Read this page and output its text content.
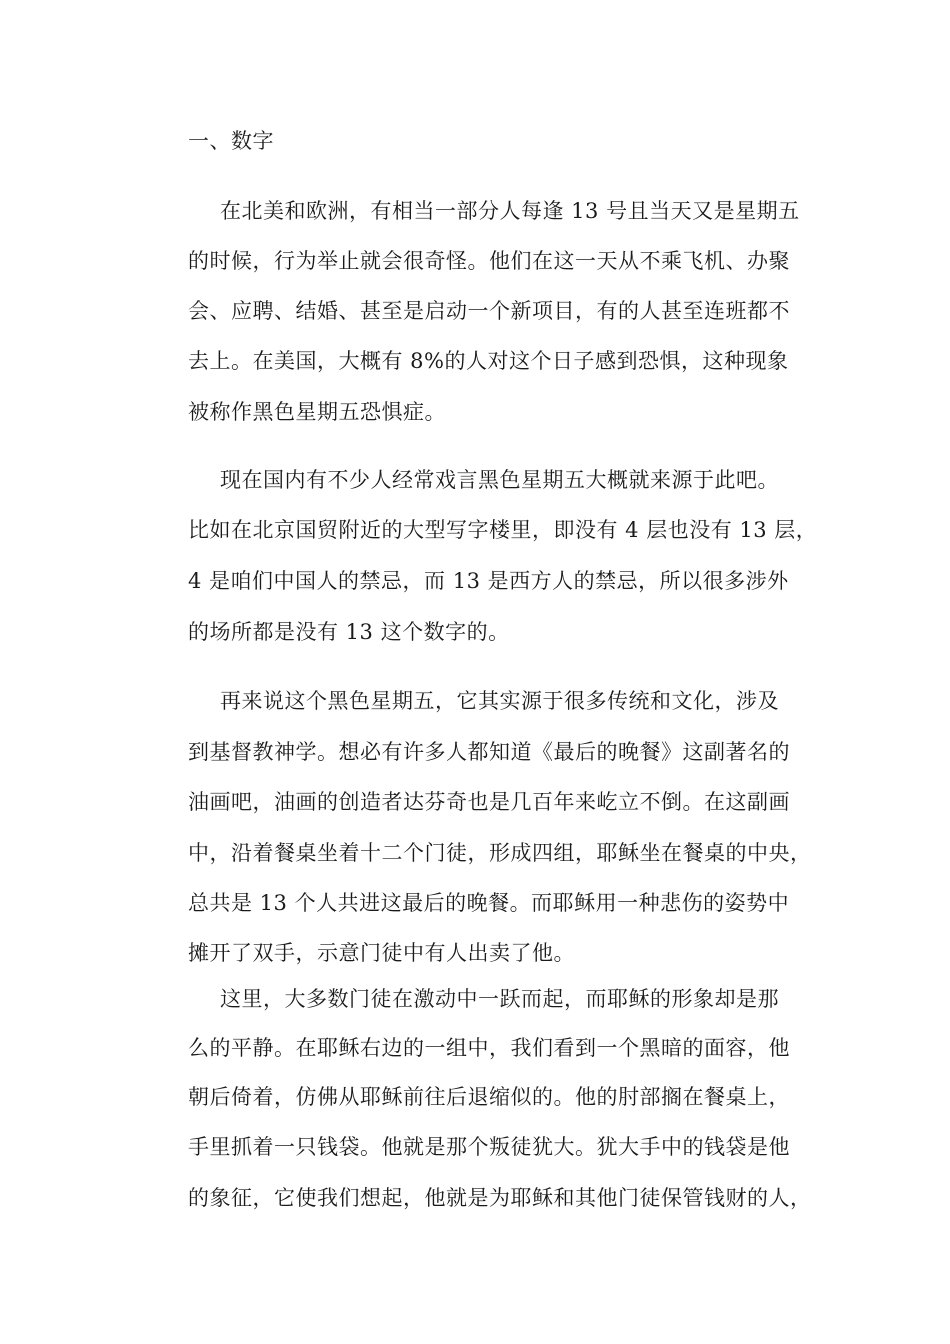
一、数字
在北美和欧洲，有相当一部分人每逢 13 号且当天又是星期五
的时候，行为举止就会很奇怪。他们在这一天从不乘飞机、办聚
会、应聘、结婚、甚至是启动一个新项目，有的人甚至连班都不
去上。在美国，大概有 8%的人对这个日子感到恐惧，这种现象
被称作黑色星期五恐惧症。
现在国内有不少人经常戏言黑色星期五大概就来源于此吧。
比如在北京国贸附近的大型写字楼里，即没有 4 层也没有 13 层，
4 是咱们中国人的禁忌，而 13 是西方人的禁忌，所以很多涉外
的场所都是没有 13 这个数字的。
再来说这个黑色星期五，它其实源于很多传统和文化，涉及
到基督教神学。想必有许多人都知道《最后的晚餐》这副著名的
油画吧，油画的创造者达芬奇也是几百年来屹立不倒。在这副画
中，沿着餐桌坐着十二个门徒，形成四组，耶稣坐在餐桌的中央，
总共是 13 个人共进这最后的晚餐。而耶稣用一种悲伤的姿势中
摊开了双手，示意门徒中有人出卖了他。
这里，大多数门徒在激动中一跃而起，而耶稣的形象却是那
么的平静。在耶稣右边的一组中，我们看到一个黑暗的面容，他
朝后倚着，仿佛从耶稣前往后退缩似的。他的肘部搁在餐桌上，
手里抓着一只钱袋。他就是那个叛徒犹大。犹大手中的钱袋是他
的象征，它使我们想起，他就是为耶稣和其他门徒保管钱财的人，
